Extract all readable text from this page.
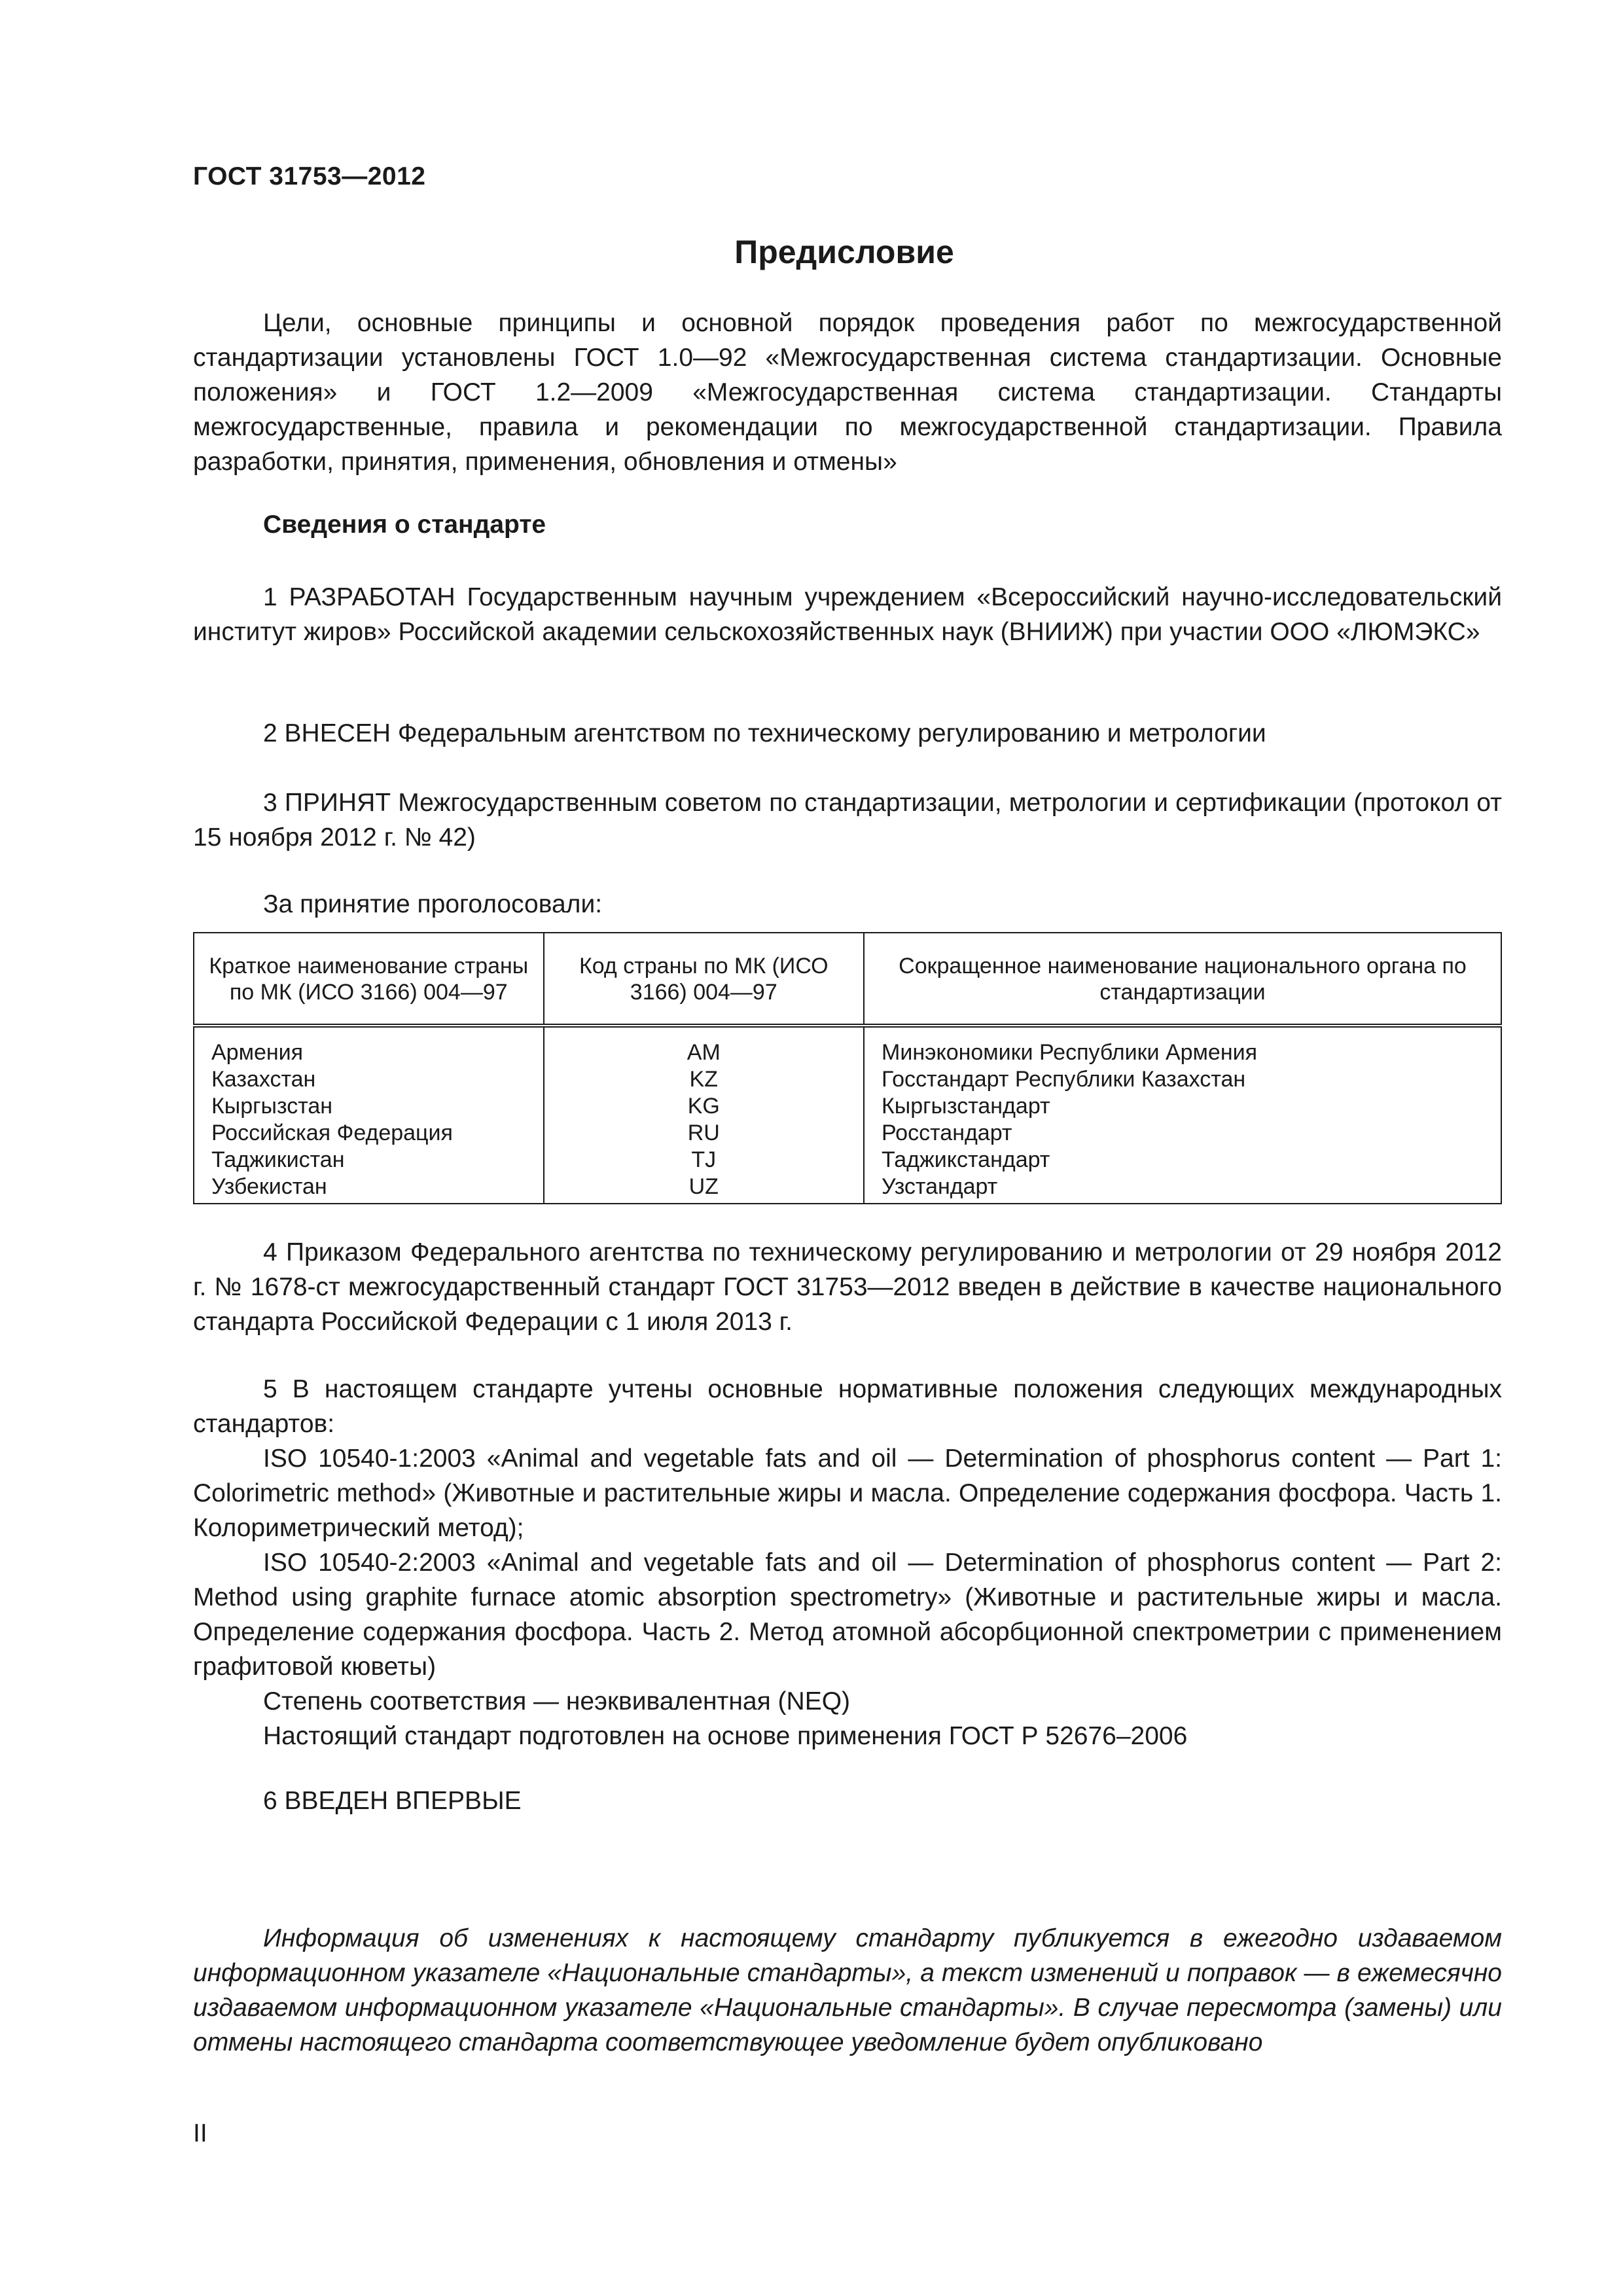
ГОСТ 31753—2012
Предисловие

Цели, основные принципы и основной порядок проведения работ по межгосударственной стандартизации установлены ГОСТ 1.0—92 «Межгосударственная система стандартизации. Основные положения» и ГОСТ 1.2—2009 «Межгосударственная система стандартизации. Стандарты межгосударственные, правила и рекомендации по межгосударственной стандартизации. Правила разработки, принятия, применения, обновления и отмены»

Сведения о стандарте

1 РАЗРАБОТАН Государственным научным учреждением «Всероссийский научно-исследовательский институт жиров» Российской академии сельскохозяйственных наук (ВНИИЖ) при участии ООО «ЛЮМЭКС»

2 ВНЕСЕН Федеральным агентством по техническому регулированию и метрологии

3 ПРИНЯТ Межгосударственным советом по стандартизации, метрологии и сертификации (протокол от 15 ноября 2012 г. № 42)

За принятие проголосовали:

Краткое наименование страны по МК (ИСО 3166) 004—97	Код страны по МК (ИСО 3166) 004—97	Сокращенное наименование национального органа по стандартизации
Армения	AM	Минэкономики Республики Армения
Казахстан	KZ	Госстандарт Республики Казахстан
Кыргызстан	KG	Кыргызстандарт
Российская Федерация	RU	Росстандарт
Таджикистан	TJ	Таджикстандарт
Узбекистан	UZ	Узстандарт

4 Приказом Федерального агентства по техническому регулированию и метрологии от 29 ноября 2012 г. № 1678-ст межгосударственный стандарт ГОСТ 31753—2012 введен в действие в качестве национального стандарта Российской Федерации с 1 июля 2013 г.

5 В настоящем стандарте учтены основные нормативные положения следующих международных стандартов:

ISO 10540-1:2003 «Animal and vegetable fats and oil — Determination of phosphorus content — Part 1: Colorimetric method» (Животные и растительные жиры и масла. Определение содержания фосфора. Часть 1. Колориметрический метод);

ISO 10540-2:2003 «Animal and vegetable fats and oil — Determination of phosphorus content — Part 2: Method using graphite furnace atomic absorption spectrometry» (Животные и растительные жиры и масла. Определение содержания фосфора. Часть 2. Метод атомной абсорбционной спектрометрии с применением графитовой кюветы)

Степень соответствия — неэквивалентная (NEQ)

Настоящий стандарт подготовлен на основе применения ГОСТ Р 52676–2006

6 ВВЕДЕН ВПЕРВЫЕ

Информация об изменениях к настоящему стандарту публикуется в ежегодно издаваемом информационном указателе «Национальные стандарты», а текст изменений и поправок — в ежемесячно издаваемом информационном указателе «Национальные стандарты». В случае пересмотра (замены) или отмены настоящего стандарта соответствующее уведомление будет опубликовано

II
